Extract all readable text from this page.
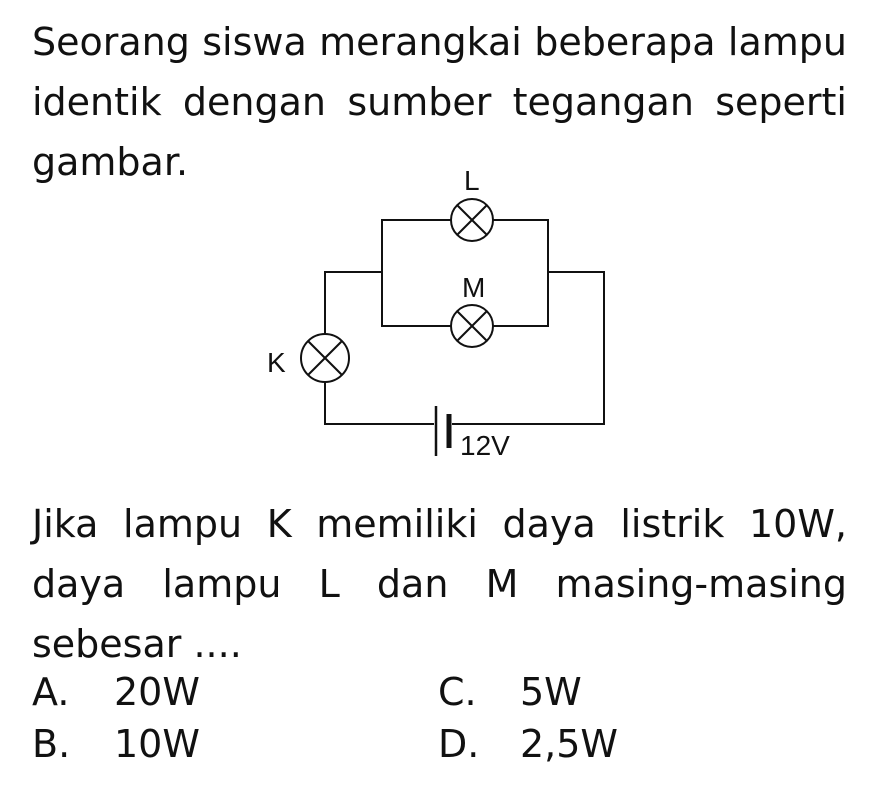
Seorang siswa merangkai beberapa lampu
identik dengan sumber tegangan seperti
gambar.
K
L
M
12V
Jika lampu K memiliki daya listrik 10W,
daya lampu L dan M masing-masing
sebesar ....
A. 20W
B. 10W
C. 5W
D. 2,5W
